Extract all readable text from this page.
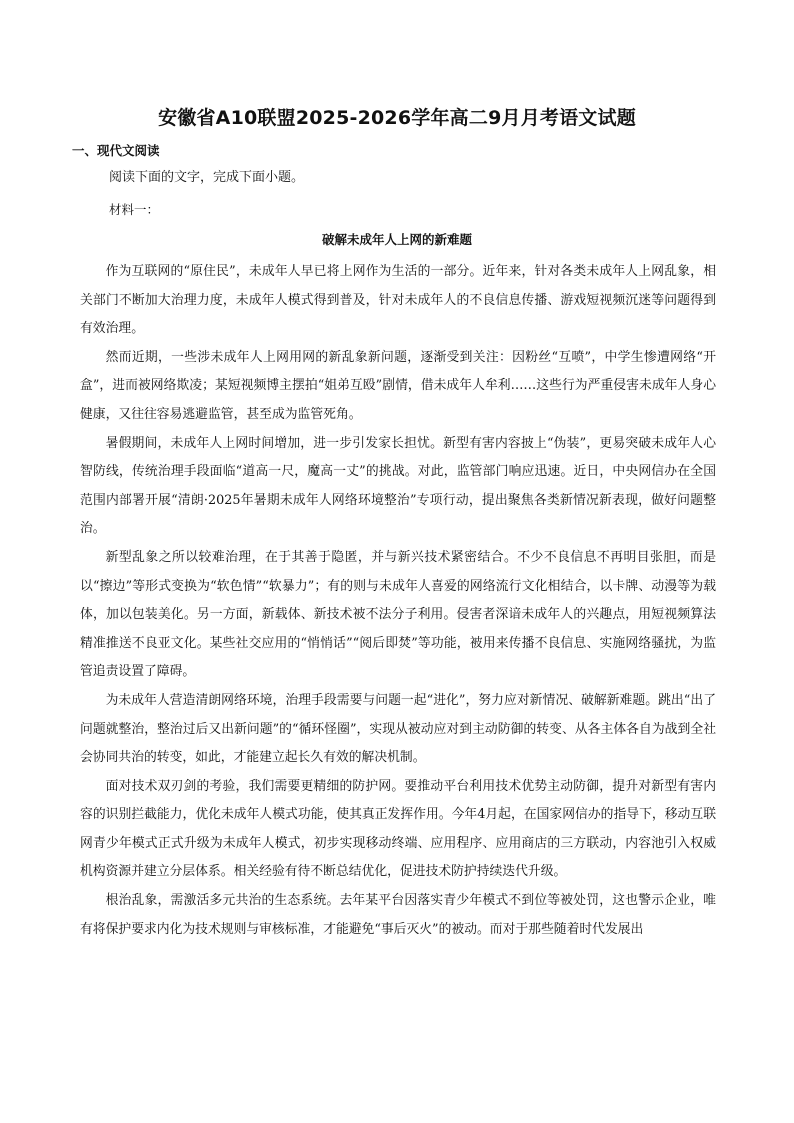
安徽省A10联盟2025-2026学年高二9月月考语文试题
一、现代文阅读
阅读下面的文字，完成下面小题。
材料一：
破解未成年人上网的新难题

作为互联网的“原住民”，未成年人早已将上网作为生活的一部分。近年来，针对各类未成年人上网乱象，相关部门不断加大治理力度，未成年人模式得到普及，针对未成年人的不良信息传播、游戏短视频沉迷等问题得到有效治理。

然而近期，一些涉未成年人上网用网的新乱象新问题，逐渐受到关注：因粉丝“互喷”，中学生惨遭网络“开盒”，进而被网络欺凌；某短视频博主摆拍“姐弟互殴”剧情，借未成年人牟利……这些行为严重侵害未成年人身心健康，又往往容易逃避监管，甚至成为监管死角。

暑假期间，未成年人上网时间增加，进一步引发家长担忧。新型有害内容披上“伪装”，更易突破未成年人心智防线，传统治理手段面临“道高一尺，魔高一丈”的挑战。对此，监管部门响应迅速。近日，中央网信办在全国范围内部署开展“清朗·2025年暑期未成年人网络环境整治”专项行动，提出聚焦各类新情况新表现，做好问题整治。

新型乱象之所以较难治理，在于其善于隐匿，并与新兴技术紧密结合。不少不良信息不再明目张胆，而是以“擦边”等形式变换为“软色情”“软暴力”；有的则与未成年人喜爱的网络流行文化相结合，以卡牌、动漫等为载体，加以包装美化。另一方面，新载体、新技术被不法分子利用。侵害者深谙未成年人的兴趣点，用短视频算法精准推送不良亚文化。某些社交应用的“悄悄话”“阅后即焚”等功能，被用来传播不良信息、实施网络骚扰，为监管追责设置了障碍。

为未成年人营造清朗网络环境，治理手段需要与问题一起“进化”，努力应对新情况、破解新难题。跳出“出了问题就整治，整治过后又出新问题”的“循环怪圈”，实现从被动应对到主动防御的转变、从各主体各自为战到全社会协同共治的转变，如此，才能建立起长久有效的解决机制。

面对技术双刃剑的考验，我们需要更精细的防护网。要推动平台利用技术优势主动防御，提升对新型有害内容的识别拦截能力，优化未成年人模式功能，使其真正发挥作用。今年4月起，在国家网信办的指导下，移动互联网青少年模式正式升级为未成年人模式，初步实现移动终端、应用程序、应用商店的三方联动，内容池引入权威机构资源并建立分层体系。相关经验有待不断总结优化，促进技术防护持续迭代升级。

根治乱象，需激活多元共治的生态系统。去年某平台因落实青少年模式不到位等被处罚，这也警示企业，唯有将保护要求内化为技术规则与审核标准，才能避免“事后灭火”的被动。而对于那些随着时代发展出
